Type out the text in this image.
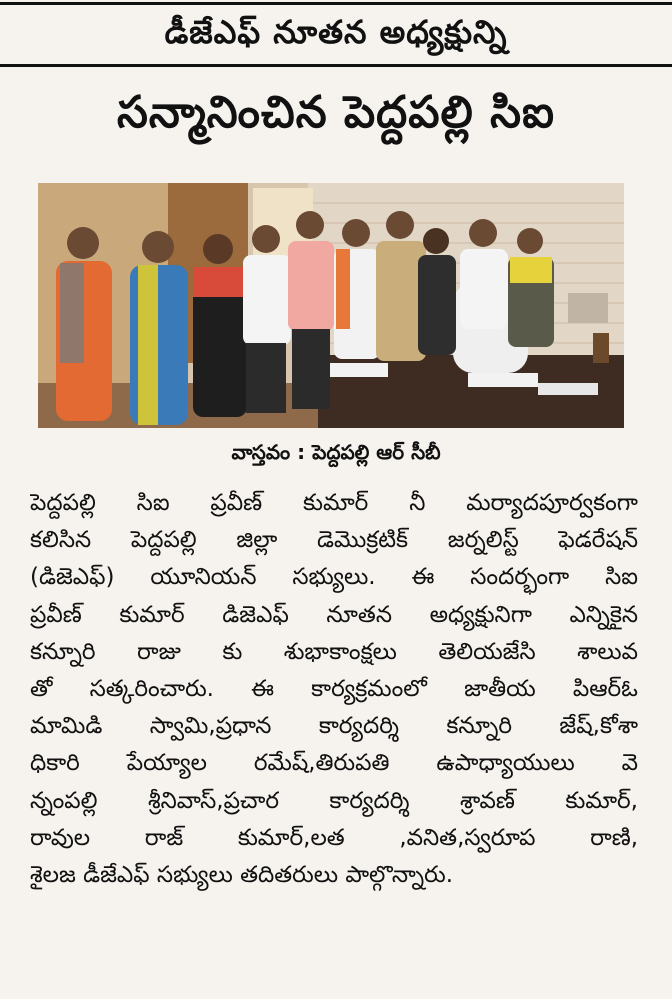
డీజేఎఫ్ నూతన అధ్యక్షున్ని
సన్మానించిన పెద్దపల్లి సిఐ
వాస్తవం : పెద్దపల్లి ఆర్ సీబీ
పెద్దపల్లి సిఐ ప్రవీణ్ కుమార్ నీ మర్యాదపూర్వకంగా
కలిసిన పెద్దపల్లి జిల్లా డెమొక్రటిక్ జర్నలిస్ట్ ఫెడరేషన్
(డిజెఎఫ్) యూనియన్ సభ్యులు. ఈ సందర్భంగా సిఐ
ప్రవీణ్ కుమార్ డిజెఎఫ్ నూతన అధ్యక్షునిగా ఎన్నికైన
కన్నూరి రాజు కు శుభాకాంక్షలు తెలియజేసి శాలువ
తో సత్కరించారు. ఈ కార్యక్రమంలో జాతీయ పిఆర్ఓ
మామిడి స్వామి,ప్రధాన కార్యదర్శి కన్నూరి జేష్,కోశా
ధికారి పేయ్యాల రమేష్,తిరుపతి ఉపాధ్యాయులు వె
న్నంపల్లి శ్రీనివాస్,ప్రచార కార్యదర్శి శ్రావణ్ కుమార్,
రావుల రాజ్ కుమార్,లత ,వనిత,స్వరూప రాణి,
శైలజ డీజేఎఫ్ సభ్యులు తదితరులు పాల్గొన్నారు.
